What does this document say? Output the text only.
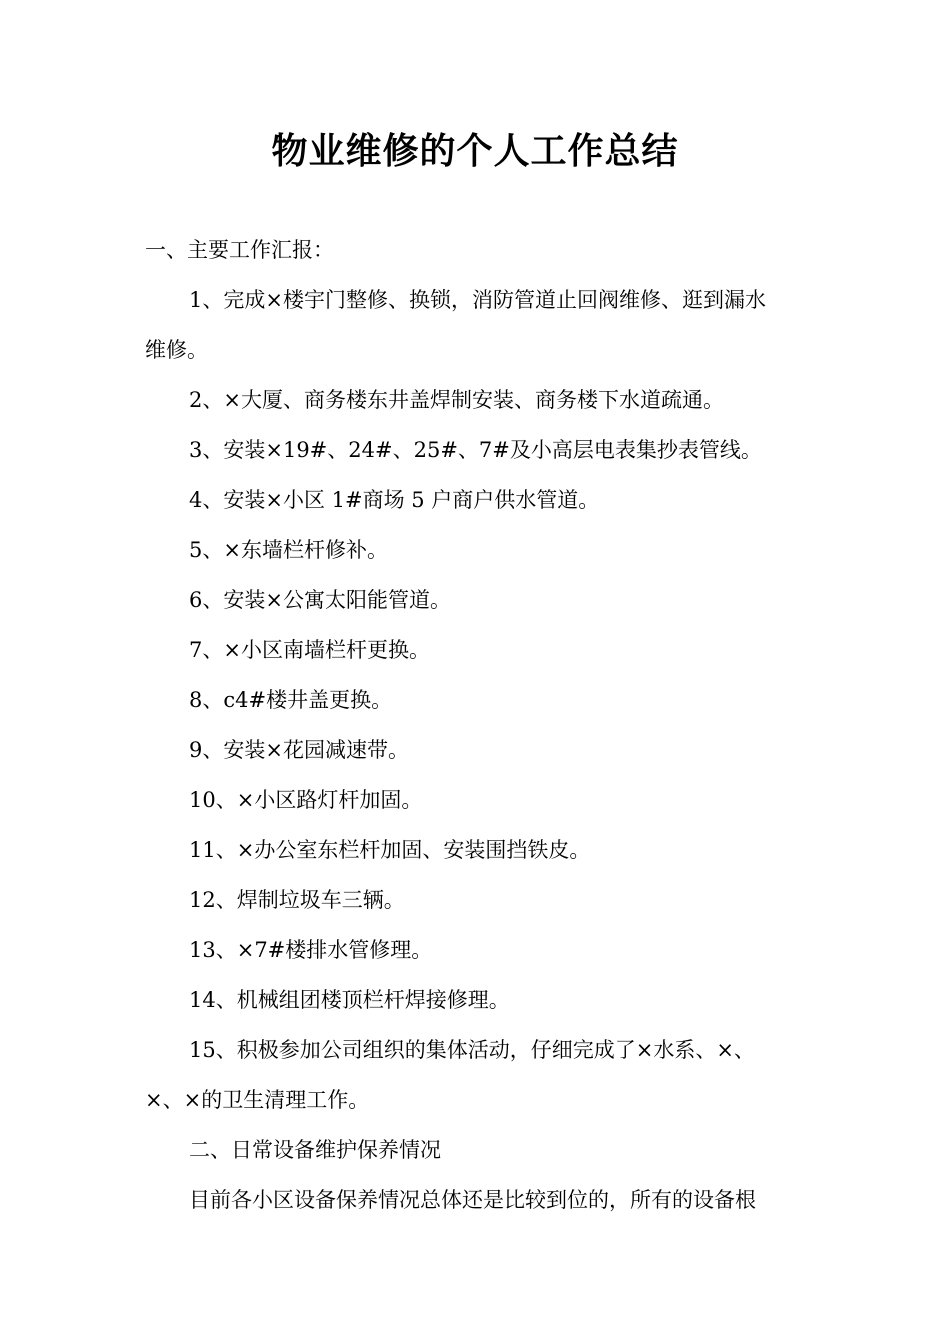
物业维修的个人工作总结

一、主要工作汇报：

1、完成×楼宇门整修、换锁，消防管道止回阀维修、逛到漏水

维修。

2、×大厦、商务楼东井盖焊制安装、商务楼下水道疏通。

3、安装×19#、24#、25#、7#及小高层电表集抄表管线。

4、安装×小区 1#商场 5 户商户供水管道。

5、×东墙栏杆修补。

6、安装×公寓太阳能管道。

7、×小区南墙栏杆更换。

8、c4#楼井盖更换。

9、安装×花园减速带。

10、×小区路灯杆加固。

11、×办公室东栏杆加固、安装围挡铁皮。

12、焊制垃圾车三辆。

13、×7#楼排水管修理。

14、机械组团楼顶栏杆焊接修理。

15、积极参加公司组织的集体活动，仔细完成了×水系、×、

×、×的卫生清理工作。

二、日常设备维护保养情况

目前各小区设备保养情况总体还是比较到位的，所有的设备根
